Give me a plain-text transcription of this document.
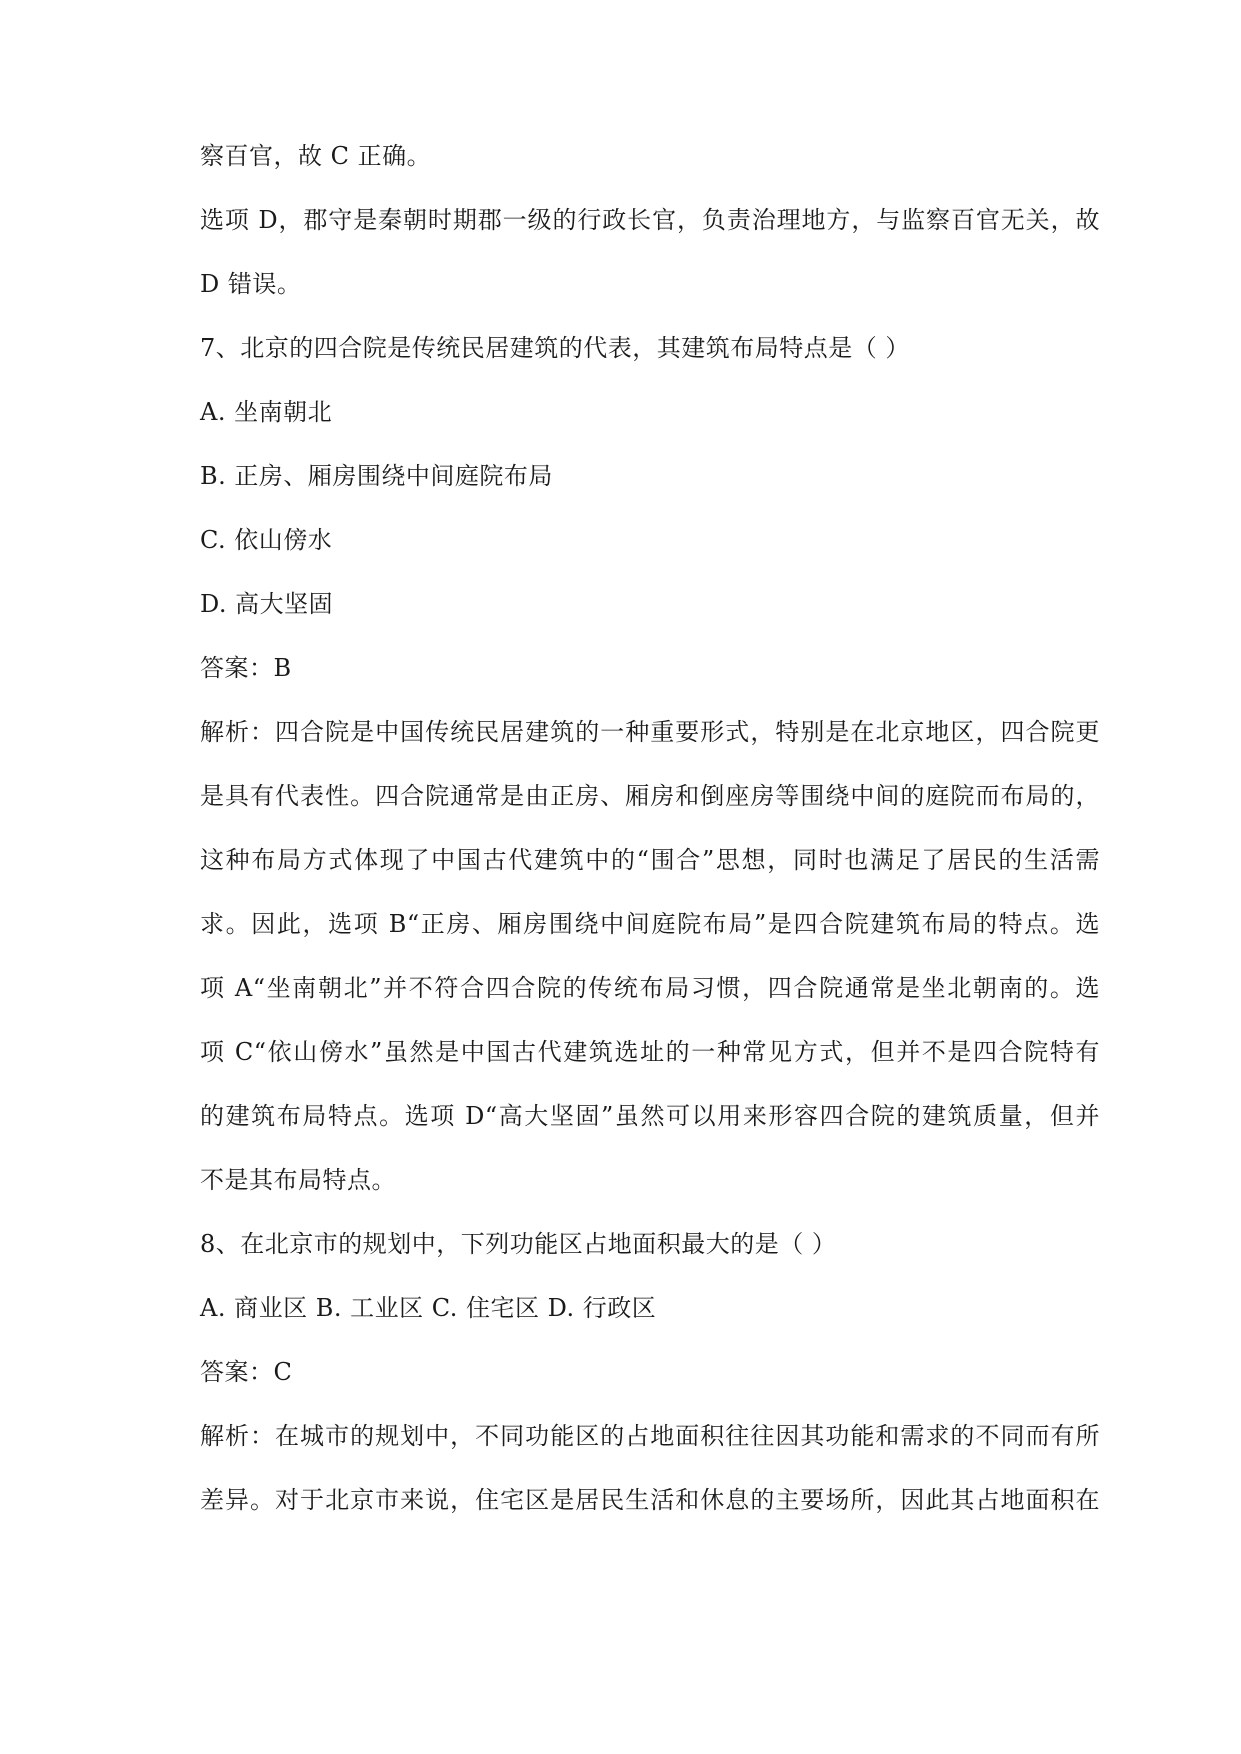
察百官，故 C 正确。
选项 D，郡守是秦朝时期郡一级的行政长官，负责治理地方，与监察百官无关，故
D 错误。
7、北京的四合院是传统民居建筑的代表，其建筑布局特点是（ ）
A. 坐南朝北
B. 正房、厢房围绕中间庭院布局
C. 依山傍水
D. 高大坚固
答案：B
解析：四合院是中国传统民居建筑的一种重要形式，特别是在北京地区，四合院更
是具有代表性。四合院通常是由正房、厢房和倒座房等围绕中间的庭院而布局的，
这种布局方式体现了中国古代建筑中的“围合”思想，同时也满足了居民的生活需
求。因此，选项 B“正房、厢房围绕中间庭院布局”是四合院建筑布局的特点。选
项 A“坐南朝北”并不符合四合院的传统布局习惯，四合院通常是坐北朝南的。选
项 C“依山傍水”虽然是中国古代建筑选址的一种常见方式，但并不是四合院特有
的建筑布局特点。选项 D“高大坚固”虽然可以用来形容四合院的建筑质量，但并
不是其布局特点。
8、在北京市的规划中，下列功能区占地面积最大的是（ ）
A. 商业区 B. 工业区 C. 住宅区 D. 行政区
答案：C
解析：在城市的规划中，不同功能区的占地面积往往因其功能和需求的不同而有所
差异。对于北京市来说，住宅区是居民生活和休息的主要场所，因此其占地面积在
